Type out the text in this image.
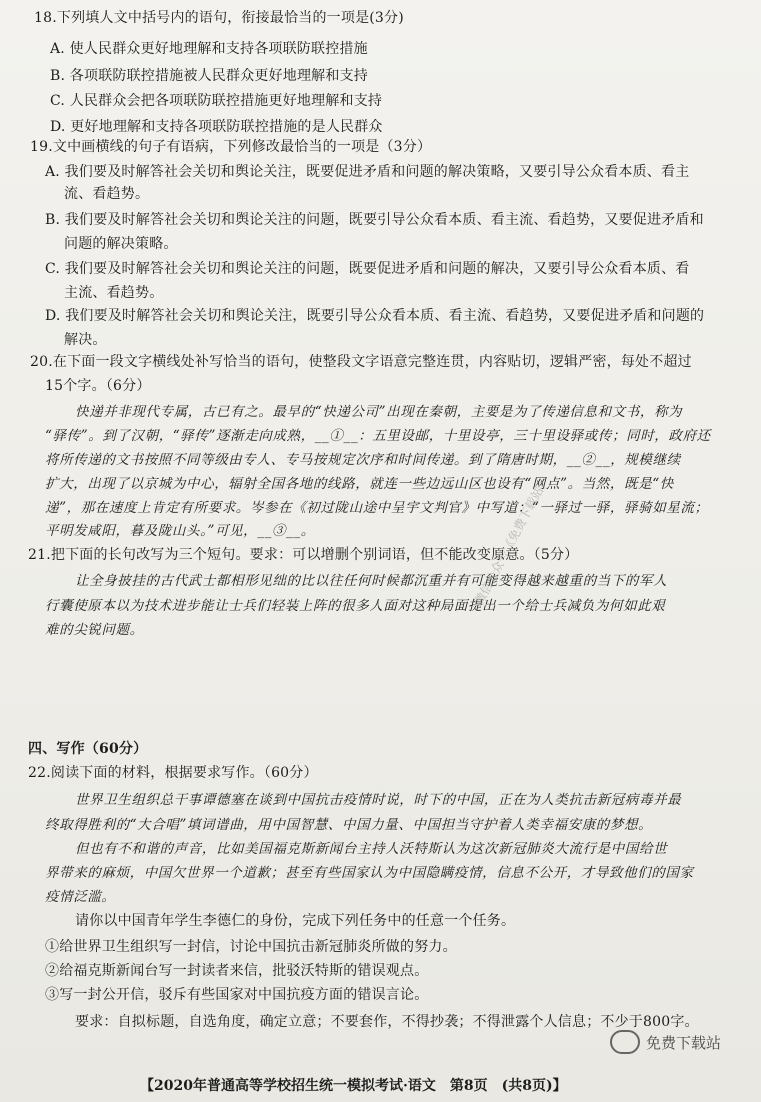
18.下列填人文中括号内的语句，衔接最恰当的一项是(3分)
A. 使人民群众更好地理解和支持各项联防联控措施
B. 各项联防联控措施被人民群众更好地理解和支持
C. 人民群众会把各项联防联控措施更好地理解和支持
D. 更好地理解和支持各项联防联控措施的是人民群众
19.文中画横线的句子有语病，下列修改最恰当的一项是（3分）
A. 我们要及时解答社会关切和舆论关注，既要促进矛盾和问题的解决策略，又要引导公众看本质、看主
流、看趋势。
B. 我们要及时解答社会关切和舆论关注的问题，既要引导公众看本质、看主流、看趋势，又要促进矛盾和
问题的解决策略。
C. 我们要及时解答社会关切和舆论关注的问题，既要促进矛盾和问题的解决，又要引导公众看本质、看
主流、看趋势。
D. 我们要及时解答社会关切和舆论关注，既要引导公众看本质、看主流、看趋势，又要促进矛盾和问题的
解决。
20.在下面一段文字横线处补写恰当的语句，使整段文字语意完整连贯，内容贴切，逻辑严密，每处不超过
15个字。（6分）
快递并非现代专属，古已有之。最早的“快递公司”出现在秦朝，主要是为了传递信息和文书，称为
“驿传”。到了汉朝，“驿传”逐渐走向成熟，__①__：五里设邮，十里设亭，三十里设驿或传；同时，政府还
将所传递的文书按照不同等级由专人、专马按规定次序和时间传递。到了隋唐时期，__②__，规模继续
扩大，出现了以京城为中心，辐射全国各地的线路，就连一些边远山区也设有“网点”。当然，既是“快
递”，那在速度上肯定有所要求。岑参在《初过陇山途中呈宇文判官》中写道：“一驿过一驿，驿骑如星流；
平明发咸阳，暮及陇山头。”可见，__③__。
21.把下面的长句改写为三个短句。要求：可以增删个别词语，但不能改变原意。（5分）
让全身披挂的古代武士都相形见绌的比以往任何时候都沉重并有可能变得越来越重的当下的军人
行囊使原本以为技术进步能让士兵们轻装上阵的很多人面对这种局面提出一个给士兵减负为何如此艰
难的尖锐问题。
微信公众号《免费下载站》
四、写作（60分）
22.阅读下面的材料，根据要求写作。（60分）
世界卫生组织总干事谭德塞在谈到中国抗击疫情时说，时下的中国，正在为人类抗击新冠病毒并最
终取得胜利的“大合唱”填词谱曲，用中国智慧、中国力量、中国担当守护着人类幸福安康的梦想。
但也有不和谐的声音，比如美国福克斯新闻台主持人沃特斯认为这次新冠肺炎大流行是中国给世
界带来的麻烦，中国欠世界一个道歉；甚至有些国家认为中国隐瞒疫情，信息不公开，才导致他们的国家
疫情泛滥。
请你以中国青年学生李德仁的身份，完成下列任务中的任意一个任务。
①给世界卫生组织写一封信，讨论中国抗击新冠肺炎所做的努力。
②给福克斯新闻台写一封读者来信，批驳沃特斯的错误观点。
③写一封公开信，驳斥有些国家对中国抗疫方面的错误言论。
要求：自拟标题，自选角度，确定立意；不要套作，不得抄袭；不得泄露个人信息；不少于800字。
免费下载站
【2020年普通高等学校招生统一模拟考试·语文　第8页　(共8页)】
